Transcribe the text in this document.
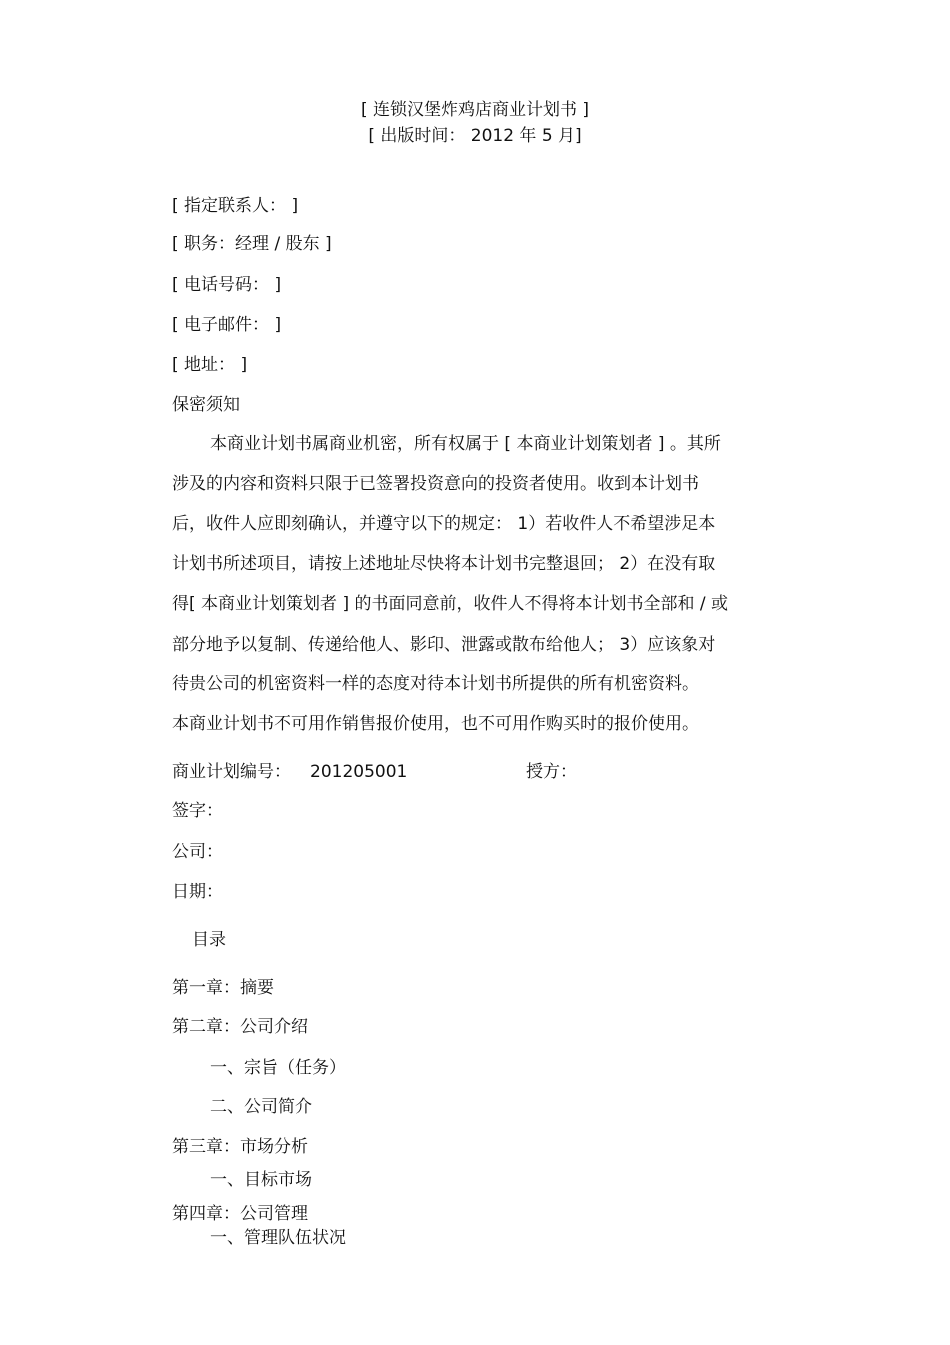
[ 连锁汉堡炸鸡店商业计划书 ]
[ 出版时间： 2012 年 5 月]
[ 指定联系人： ]
[ 职务：经理 / 股东 ]
[ 电话号码： ]
[ 电子邮件： ]
[ 地址： ]
保密须知
本商业计划书属商业机密，所有权属于 [ 本商业计划策划者 ] 。其所
涉及的内容和资料只限于已签署投资意向的投资者使用。收到本计划书
后，收件人应即刻确认，并遵守以下的规定： 1）若收件人不希望涉足本
计划书所述项目，请按上述地址尽快将本计划书完整退回； 2）在没有取
得[ 本商业计划策划者 ] 的书面同意前，收件人不得将本计划书全部和 / 或
部分地予以复制、传递给他人、影印、泄露或散布给他人； 3）应该象对
待贵公司的机密资料一样的态度对待本计划书所提供的所有机密资料。
本商业计划书不可用作销售报价使用，也不可用作购买时的报价使用。
商业计划编号： 201205001	授方：
签字：
公司：
日期：
目录
第一章：摘要
第二章：公司介绍
一、宗旨（任务）
二、公司简介
第三章：市场分析
一、目标市场
第四章：公司管理
一、管理队伍状况
